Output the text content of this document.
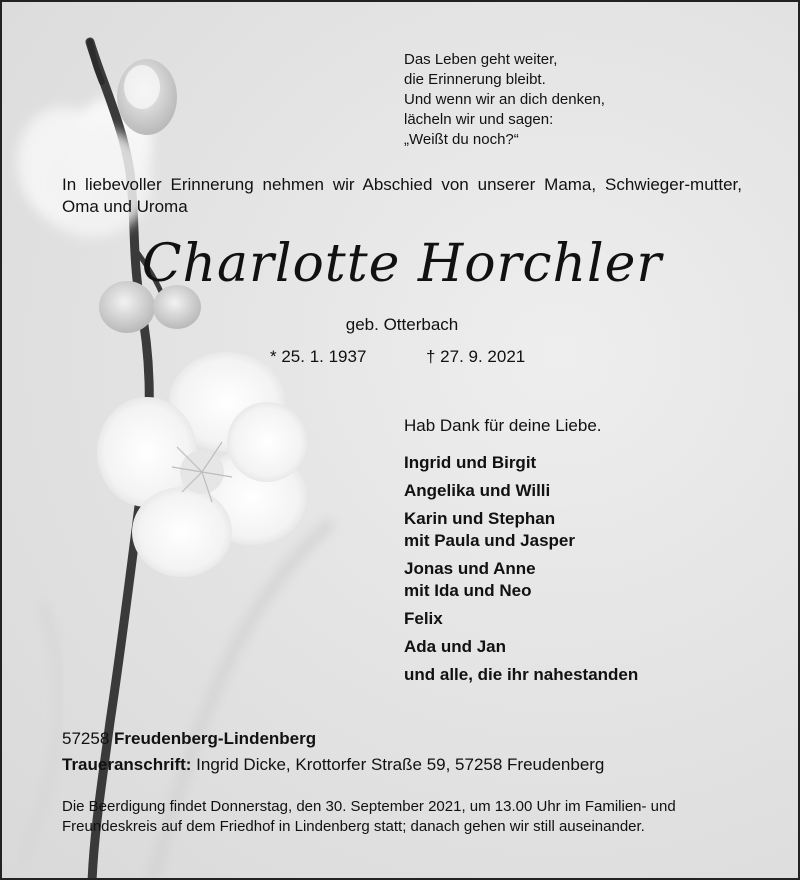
Das Leben geht weiter,
die Erinnerung bleibt.
Und wenn wir an dich denken,
lächeln wir und sagen:
„Weißt du noch?“

In liebevoller Erinnerung nehmen wir Abschied von unserer Mama, Schwieger-mutter, Oma und Uroma

Charlotte Horchler

geb. Otterbach

* 25. 1. 1937	† 27. 9. 2021

Hab Dank für deine Liebe.

Ingrid und Birgit
Angelika und Willi
Karin und Stephan
mit Paula und Jasper
Jonas und Anne
mit Ida und Neo
Felix
Ada und Jan
und alle, die ihr nahestanden

57258 Freudenberg-Lindenberg

Traueranschrift: Ingrid Dicke, Krottorfer Straße 59, 57258 Freudenberg

Die Beerdigung findet Donnerstag, den 30. September 2021, um 13.00 Uhr im Familien- und Freundeskreis auf dem Friedhof in Lindenberg statt; danach gehen wir still auseinander.
